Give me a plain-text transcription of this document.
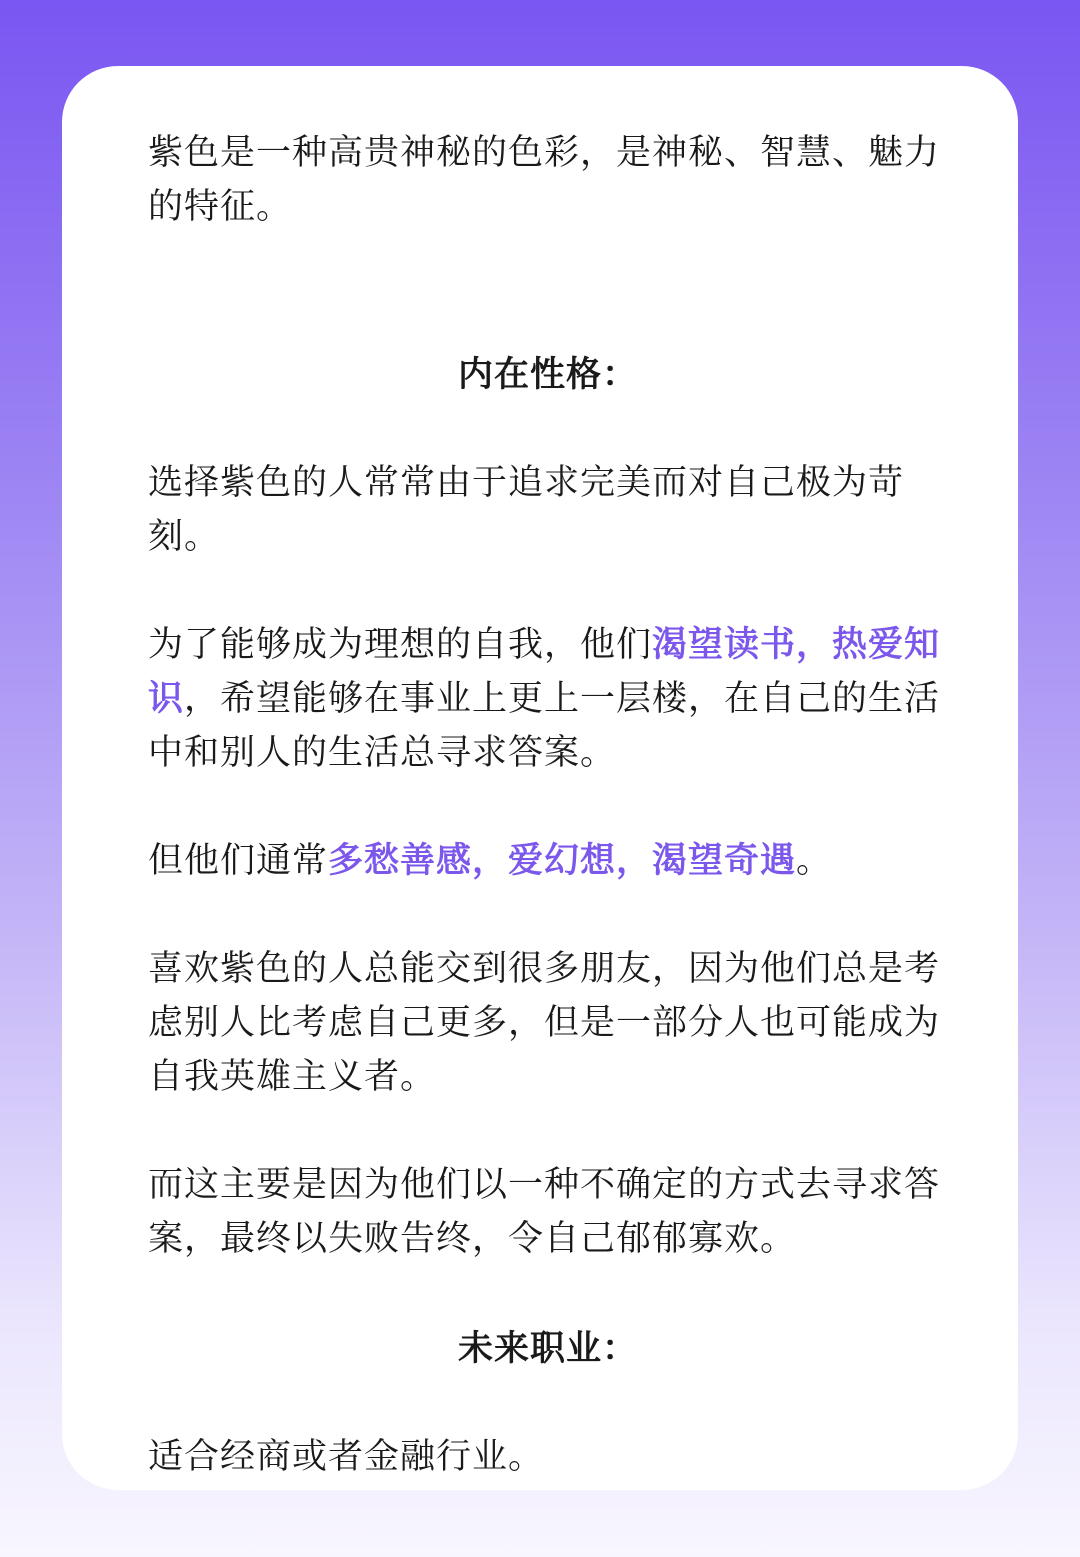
紫色是一种高贵神秘的色彩，是神秘、智慧、魅力的特征。

内在性格：

选择紫色的人常常由于追求完美而对自己极为苛刻。

为了能够成为理想的自我，他们渴望读书，热爱知识，希望能够在事业上更上一层楼，在自己的生活中和别人的生活总寻求答案。

但他们通常多愁善感，爱幻想，渴望奇遇。

喜欢紫色的人总能交到很多朋友，因为他们总是考虑别人比考虑自己更多，但是一部分人也可能成为自我英雄主义者。

而这主要是因为他们以一种不确定的方式去寻求答案，最终以失败告终，令自己郁郁寡欢。

未来职业：

适合经商或者金融行业。
